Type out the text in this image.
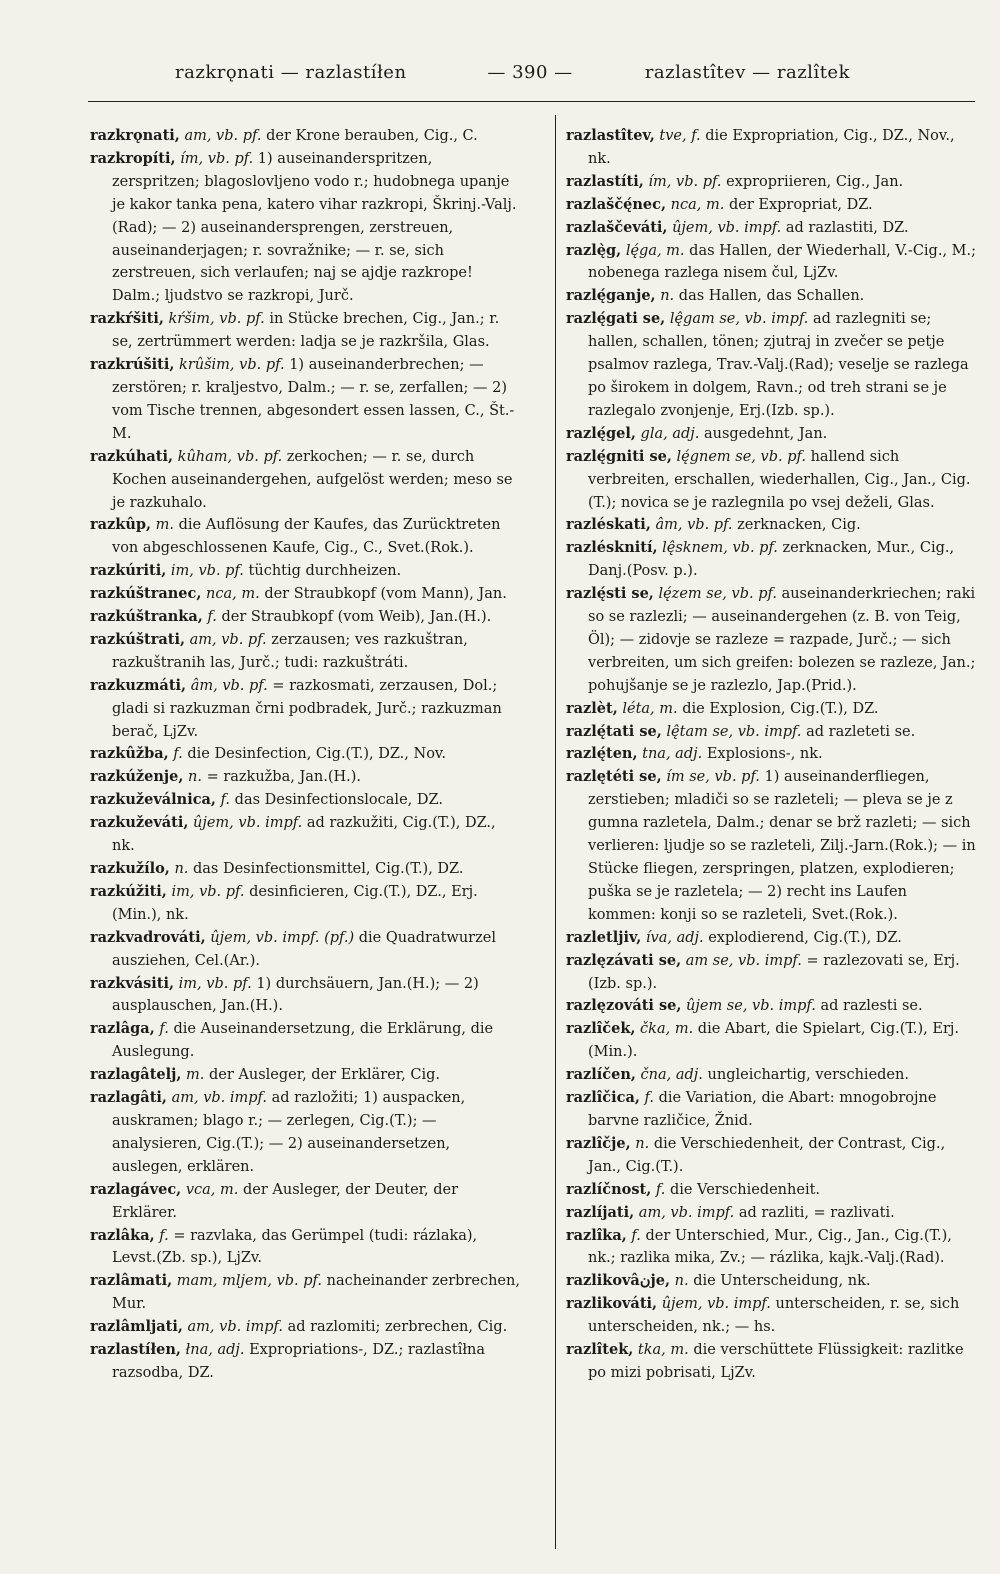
razkrǫnati — razlastíłen	— 390 —	razlastîtev — razlîtek

razkrǫnati, am, vb. pf. der Krone berauben, Cig., C.

razkropíti, ím, vb. pf. 1) auseinanderspritzen, zerspritzen; blagoslovljeno vodo r.; hudobnega upanje je kakor tanka pena, katero vihar razkropi, Škrinj.-Valj.(Rad); — 2) auseinandersprengen, zerstreuen, auseinanderjagen; r. sovražnike; — r. se, sich zerstreuen, sich verlaufen; naj se ajdje razkrope! Dalm.; ljudstvo se razkropi, Jurč.

razkŕšiti, kŕšim, vb. pf. in Stücke brechen, Cig., Jan.; r. se, zertrümmert werden: ladja se je razkršila, Glas.

razkrúšiti, krûšim, vb. pf. 1) auseinanderbrechen; — zerstören; r. kraljestvo, Dalm.; — r. se, zerfallen; — 2) vom Tische trennen, abgesondert essen lassen, C., Št.-M.

razkúhati, kûham, vb. pf. zerkochen; — r. se, durch Kochen auseinandergehen, aufgelöst werden; meso se je razkuhalo.

razkûp, m. die Auflösung der Kaufes, das Zurücktreten von abgeschlossenen Kaufe, Cig., C., Svet.(Rok.).

razkúriti, im, vb. pf. tüchtig durchheizen.

razkúštranec, nca, m. der Straubkopf (vom Mann), Jan.

razkúštranka, f. der Straubkopf (vom Weib), Jan.(H.).

razkúštrati, am, vb. pf. zerzausen; ves razkuštran, razkuštranih las, Jurč.; tudi: razkuštráti.

razkuzmáti, âm, vb. pf. = razkosmati, zerzausen, Dol.; gladi si razkuzman črni podbradek, Jurč.; razkuzman berač, LjZv.

razkûžba, f. die Desinfection, Cig.(T.), DZ., Nov.

razkúženje, n. = razkužba, Jan.(H.).

razkuževálnica, f. das Desinfectionslocale, DZ.

razkuževáti, ûjem, vb. impf. ad razkužiti, Cig.(T.), DZ., nk.

razkužílo, n. das Desinfectionsmittel, Cig.(T.), DZ.

razkúžiti, im, vb. pf. desinficieren, Cig.(T.), DZ., Erj.(Min.), nk.

razkvadrováti, ûjem, vb. impf. (pf.) die Quadratwurzel ausziehen, Cel.(Ar.).

razkvásiti, im, vb. pf. 1) durchsäuern, Jan.(H.); — 2) ausplauschen, Jan.(H.).

razlâga, f. die Auseinandersetzung, die Erklärung, die Auslegung.

razlagâtelj, m. der Ausleger, der Erklärer, Cig.

razlagâti, am, vb. impf. ad razložiti; 1) auspacken, auskramen; blago r.; — zerlegen, Cig.(T.); — analysieren, Cig.(T.); — 2) auseinandersetzen, auslegen, erklären.

razlagávec, vca, m. der Ausleger, der Deuter, der Erklärer.

razlâka, f. = razvlaka, das Gerümpel (tudi: rázlaka), Levst.(Zb. sp.), LjZv.

razlâmati, mam, mljem, vb. pf. nacheinander zerbrechen, Mur.

razlâmljati, am, vb. impf. ad razlomiti; zerbrechen, Cig.

razlastíłen, łna, adj. Expropriations-, DZ.; razlastîłna razsodba, DZ.

razlastîtev, tve, f. die Expropriation, Cig., DZ., Nov., nk.

razlastíti, ím, vb. pf. expropriieren, Cig., Jan.

razlaščę́nec, nca, m. der Expropriat, DZ.

razlaščeváti, ûjem, vb. impf. ad razlastiti, DZ.

razlę̀g, lę́ga, m. das Hallen, der Wiederhall, V.-Cig., M.; nobenega razlega nisem čul, LjZv.

razlę́ganje, n. das Hallen, das Schallen.

razlę́gati se, lę̂gam se, vb. impf. ad razlegniti se; hallen, schallen, tönen; zjutraj in zvečer se petje psalmov razlega, Trav.-Valj.(Rad); veselje se razlega po širokem in dolgem, Ravn.; od treh strani se je razlegalo zvonjenje, Erj.(Izb. sp.).

razlę́gel, gla, adj. ausgedehnt, Jan.

razlę́gniti se, lę́gnem se, vb. pf. hallend sich verbreiten, erschallen, wiederhallen, Cig., Jan., Cig.(T.); novica se je razlegnila po vsej deželi, Glas.

razléskati, âm, vb. pf. zerknacken, Cig.

razlésknití, lę̂sknem, vb. pf. zerknacken, Mur., Cig., Danj.(Posv. p.).

razlę́sti se, lę́zem se, vb. pf. auseinanderkriechen; raki so se razlezli; — auseinandergehen (z. B. von Teig, Öl); — zidovje se razleze = razpade, Jurč.; — sich verbreiten, um sich greifen: bolezen se razleze, Jan.; pohujšanje se je razlezlo, Jap.(Prid.).

razlèt, léta, m. die Explosion, Cig.(T.), DZ.

razlę́tati se, lę̂tam se, vb. impf. ad razleteti se.

razlę́ten, tna, adj. Explosions-, nk.

razlętéti se, ím se, vb. pf. 1) auseinanderfliegen, zerstieben; mladiči so se razleteli; — pleva se je z gumna razletela, Dalm.; denar se brž razleti; — sich verlieren: ljudje so se razleteli, Zilj.-Jarn.(Rok.); — in Stücke fliegen, zerspringen, platzen, explodieren; puška se je razletela; — 2) recht ins Laufen kommen: konji so se razleteli, Svet.(Rok.).

razletljiv, íva, adj. explodierend, Cig.(T.), DZ.

razlęzávati se, am se, vb. impf. = razlezovati se, Erj.(Izb. sp.).

razlęzováti se, ûjem se, vb. impf. ad razlesti se.

razlîček, čka, m. die Abart, die Spielart, Cig.(T.), Erj.(Min.).

razlíčen, čna, adj. ungleichartig, verschieden.

razlîčica, f. die Variation, die Abart: mnogobrojne barvne različice, Žnid.

razlîčje, n. die Verschiedenheit, der Contrast, Cig., Jan., Cig.(T.).

razlíčnost, f. die Verschiedenheit.

razlíjati, am, vb. impf. ad razliti, = razlivati.

razlîka, f. der Unterschied, Mur., Cig., Jan., Cig.(T.), nk.; razlika mika, Zv.; — rázlika, kajk.-Valj.(Rad).

razlikovâنje, n. die Unterscheidung, nk.

razlikováti, ûjem, vb. impf. unterscheiden, r. se, sich unterscheiden, nk.; — hs.

razlîtek, tka, m. die verschüttete Flüssigkeit: razlitke po mizi pobrisati, LjZv.
